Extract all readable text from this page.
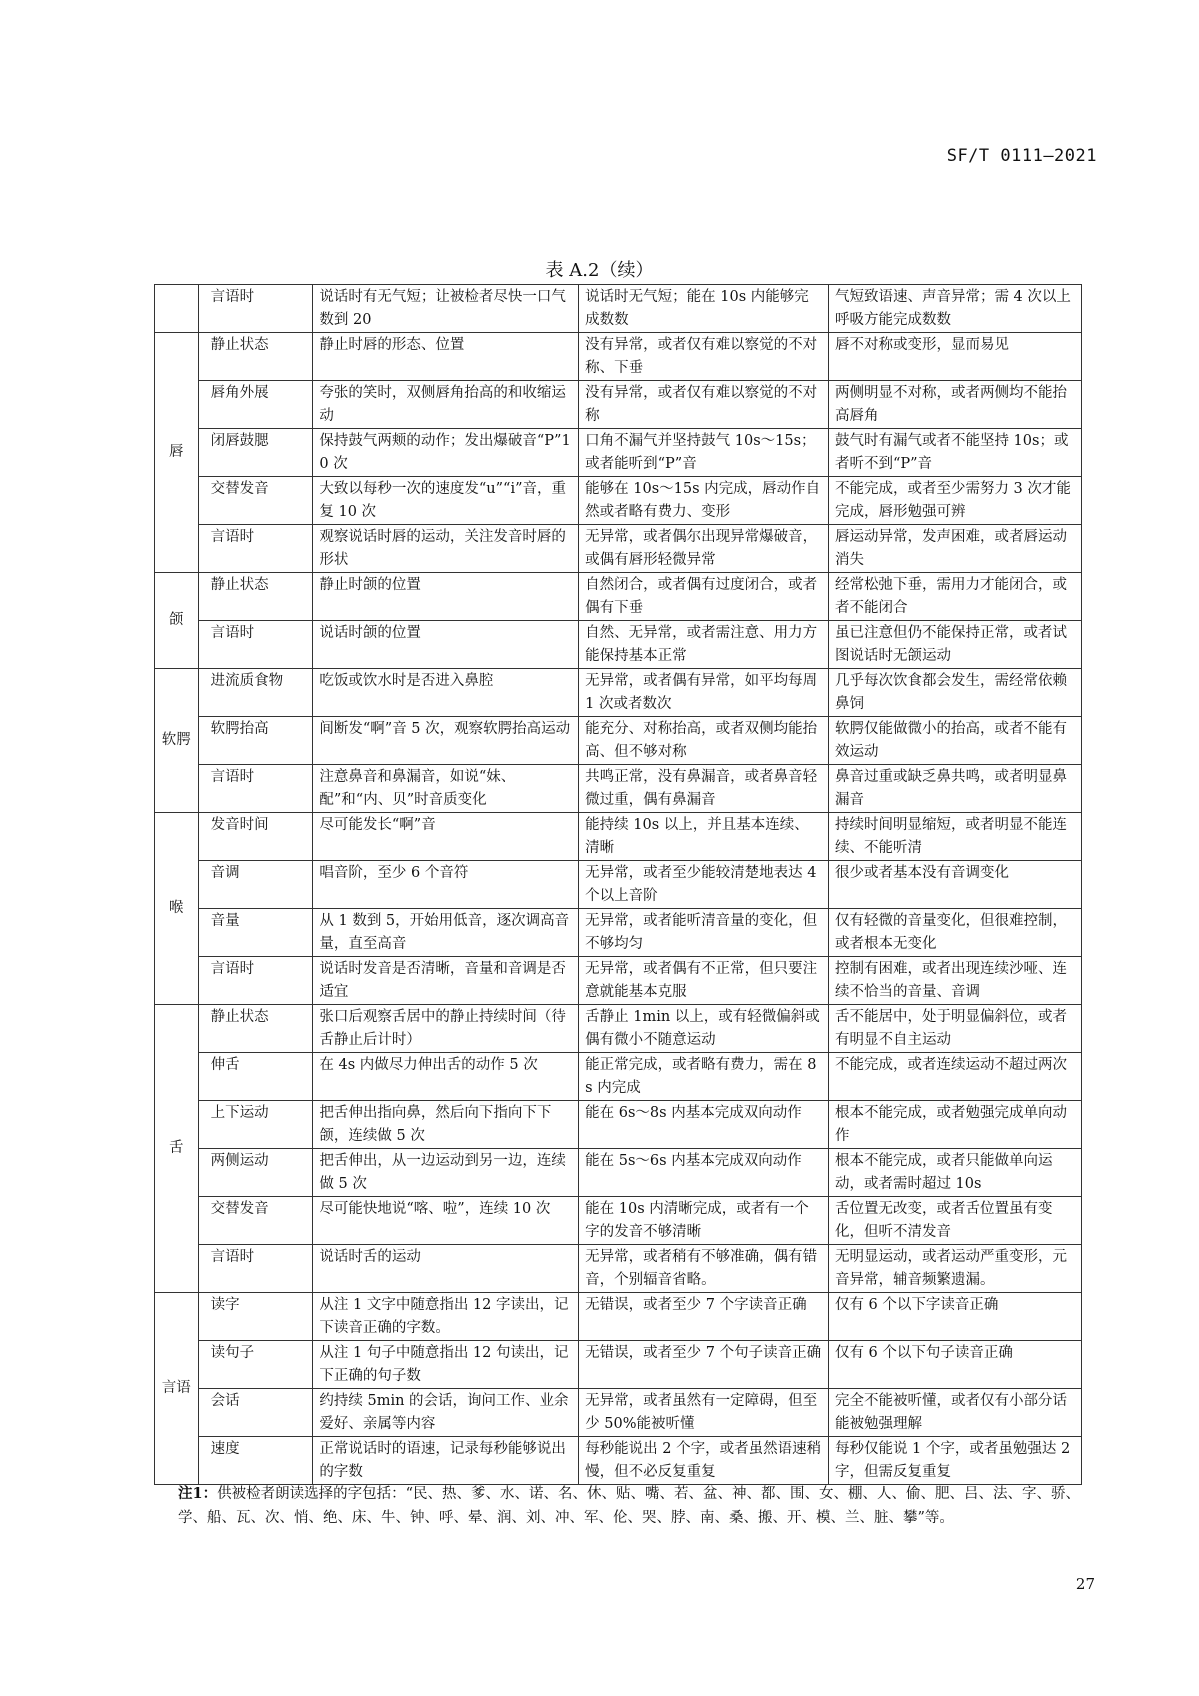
SF/T 0111—2021
表 A.2（续）
	言语时	说话时有无气短；让被检者尽快一口气数到 20	说话时无气短；能在 10s 内能够完成数数	气短致语速、声音异常；需 4 次以上呼吸方能完成数数
唇	静止状态	静止时唇的形态、位置	没有异常，或者仅有难以察觉的不对称、下垂	唇不对称或变形，显而易见
	唇角外展	夸张的笑时，双侧唇角抬高的和收缩运动	没有异常，或者仅有难以察觉的不对称	两侧明显不对称，或者两侧均不能抬高唇角
	闭唇鼓腮	保持鼓气两颊的动作；发出爆破音“P”10 次	口角不漏气并坚持鼓气 10s～15s；或者能听到“P”音	鼓气时有漏气或者不能坚持 10s；或者听不到“P”音
	交替发音	大致以每秒一次的速度发“u”“i”音，重复 10 次	能够在 10s～15s 内完成，唇动作自然或者略有费力、变形	不能完成，或者至少需努力 3 次才能完成，唇形勉强可辨
	言语时	观察说话时唇的运动，关注发音时唇的形状	无异常，或者偶尔出现异常爆破音，或偶有唇形轻微异常	唇运动异常，发声困难，或者唇运动消失
颌	静止状态	静止时颌的位置	自然闭合，或者偶有过度闭合，或者偶有下垂	经常松弛下垂，需用力才能闭合，或者不能闭合
	言语时	说话时颌的位置	自然、无异常，或者需注意、用力方能保持基本正常	虽已注意但仍不能保持正常，或者试图说话时无颌运动
软腭	进流质食物	吃饭或饮水时是否进入鼻腔	无异常，或者偶有异常，如平均每周 1 次或者数次	几乎每次饮食都会发生，需经常依赖鼻饲
	软腭抬高	间断发“啊”音 5 次，观察软腭抬高运动	能充分、对称抬高，或者双侧均能抬高、但不够对称	软腭仅能做微小的抬高，或者不能有效运动
	言语时	注意鼻音和鼻漏音，如说“妹、配”和“内、贝”时音质变化	共鸣正常，没有鼻漏音，或者鼻音轻微过重，偶有鼻漏音	鼻音过重或缺乏鼻共鸣，或者明显鼻漏音
喉	发音时间	尽可能发长“啊”音	能持续 10s 以上，并且基本连续、清晰	持续时间明显缩短，或者明显不能连续、不能听清
	音调	唱音阶，至少 6 个音符	无异常，或者至少能较清楚地表达 4 个以上音阶	很少或者基本没有音调变化
	音量	从 1 数到 5，开始用低音，逐次调高音量，直至高音	无异常，或者能听清音量的变化，但不够均匀	仅有轻微的音量变化，但很难控制，或者根本无变化
	言语时	说话时发音是否清晰，音量和音调是否适宜	无异常，或者偶有不正常，但只要注意就能基本克服	控制有困难，或者出现连续沙哑、连续不恰当的音量、音调
舌	静止状态	张口后观察舌居中的静止持续时间（待舌静止后计时）	舌静止 1min 以上，或有轻微偏斜或偶有微小不随意运动	舌不能居中，处于明显偏斜位，或者有明显不自主运动
	伸舌	在 4s 内做尽力伸出舌的动作 5 次	能正常完成，或者略有费力，需在 8s 内完成	不能完成，或者连续运动不超过两次
	上下运动	把舌伸出指向鼻，然后向下指向下下颌，连续做 5 次	能在 6s～8s 内基本完成双向动作	根本不能完成，或者勉强完成单向动作
	两侧运动	把舌伸出，从一边运动到另一边，连续做 5 次	能在 5s～6s 内基本完成双向动作	根本不能完成，或者只能做单向运动，或者需时超过 10s
	交替发音	尽可能快地说“喀、啦”，连续 10 次	能在 10s 内清晰完成，或者有一个字的发音不够清晰	舌位置无改变，或者舌位置虽有变化，但听不清发音
	言语时	说话时舌的运动	无异常，或者稍有不够准确，偶有错音，个别辐音省略。	无明显运动，或者运动严重变形，元音异常，辅音频繁遗漏。
言语	读字	从注 1 文字中随意指出 12 字读出，记下读音正确的字数。	无错误，或者至少 7 个字读音正确	仅有 6 个以下字读音正确
	读句子	从注 1 句子中随意指出 12 句读出，记下正确的句子数	无错误，或者至少 7 个句子读音正确	仅有 6 个以下句子读音正确
	会话	约持续 5min 的会话，询问工作、业余爱好、亲属等内容	无异常，或者虽然有一定障碍，但至少 50%能被听懂	完全不能被听懂，或者仅有小部分话能被勉强理解
	速度	正常说话时的语速，记录每秒能够说出的字数	每秒能说出 2 个字，或者虽然语速稍慢，但不必反复重复	每秒仅能说 1 个字，或者虽勉强达 2 字，但需反复重复
注1：供被检者朗读选择的字包括：“民、热、爹、水、诺、名、休、贴、嘴、若、盆、神、都、围、女、棚、人、偷、肥、吕、法、字、骄、学、船、瓦、次、悄、绝、床、牛、钟、呼、晕、润、刘、冲、军、伦、哭、脖、南、桑、搬、开、模、兰、脏、攀”等。
27
